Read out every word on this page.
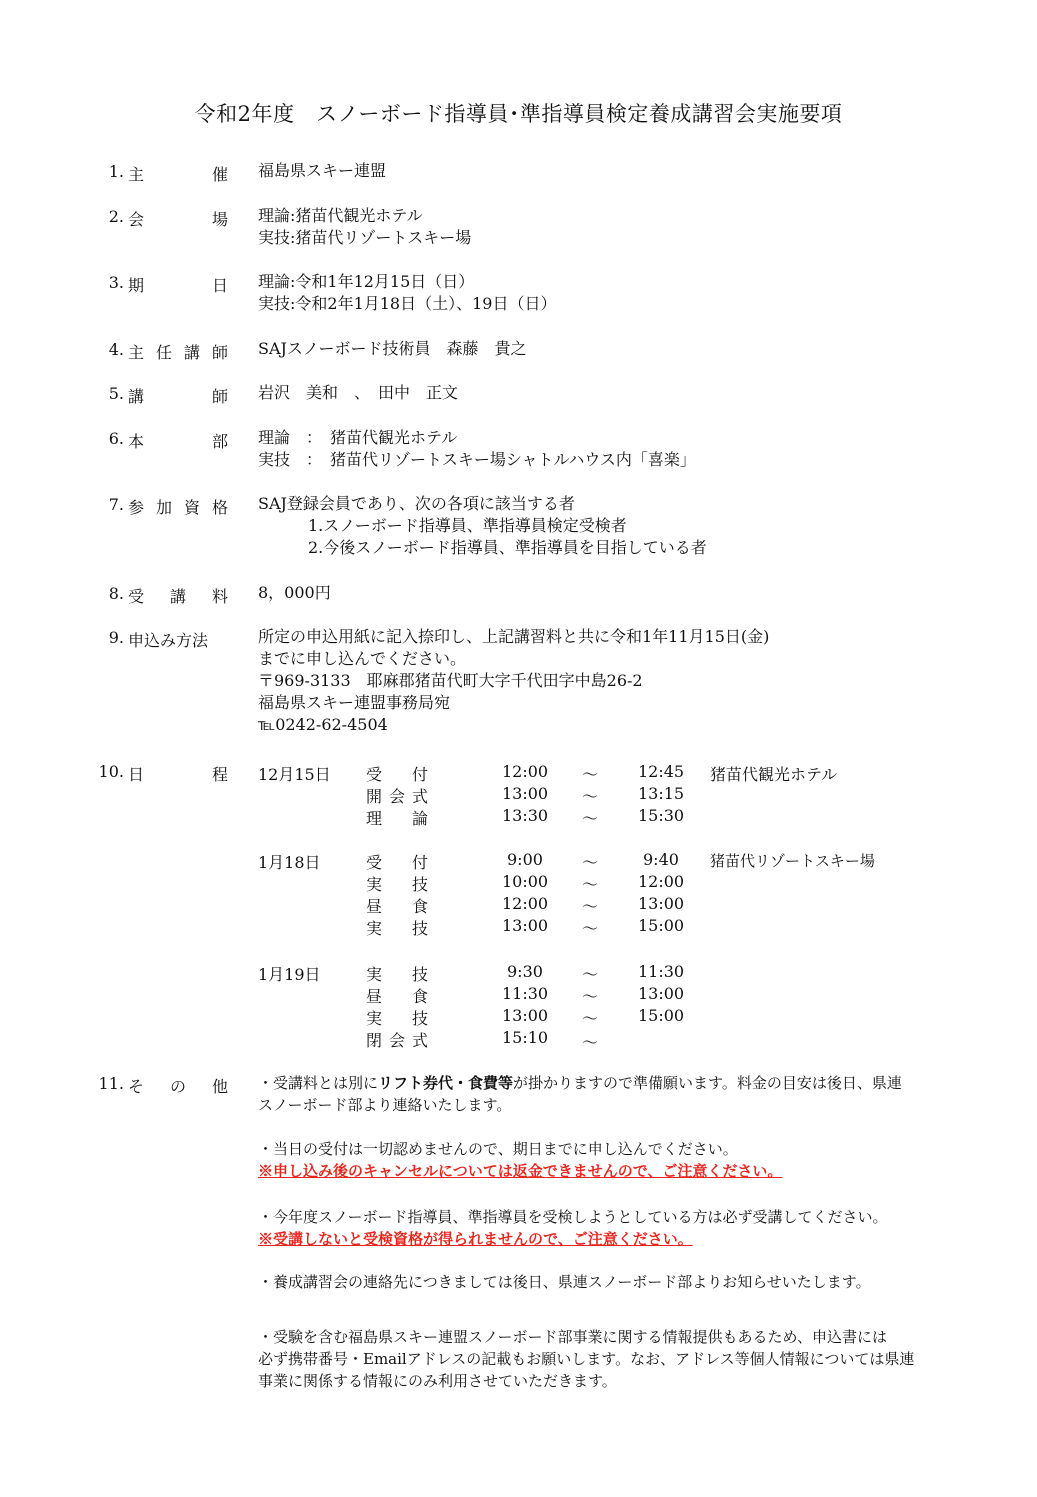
令和2年度　スノーボード指導員･準指導員検定養成講習会実施要項
1. 主	催 福島県スキー連盟
2. 会	場 理論:猪苗代観光ホテル
実技:猪苗代リゾートスキー場
3. 期	日 理論:令和1年12月15日（日）
実技:令和2年1月18日（土）、19日（日）
4. 主 任 講 師 SAJスノーボード技術員　森藤　貴之
5. 講	師 岩沢　美和　、　田中　正文
6. 本	部 理論　：　猪苗代観光ホテル
実技　：　猪苗代リゾートスキー場シャトルハウス内「喜楽」
7. 参 加 資 格 SAJ登録会員であり、次の各項に該当する者
1.スノーボード指導員、準指導員検定受検者
2.今後スノーボード指導員、準指導員を目指している者
8. 受 講 料 8，000円
9. 申込み方法	所定の申込用紙に記入捺印し、上記講習料と共に令和1年11月15日(金)
までに申し込んでください。
〒969-3133　耶麻郡猪苗代町大字千代田字中島26-2
福島県スキー連盟事務局宛
℡0242-62-4504
10. 日	程 12月15日 受 付	12:00 〜 12:45 猪苗代観光ホテル
開 会 式	13:00 〜 13:15
理 論	13:30 〜 15:30
1月18日	受 付	9:00 〜	9:40 猪苗代リゾートスキー場
実 技	10:00 〜 12:00
昼 食	12:00 〜 13:00
実 技	13:00 〜 15:00
1月19日	実 技	9:30 〜 11:30
昼 食	11:30 〜 13:00
実 技	13:00 〜 15:00
閉 会 式	15:10 〜
11. そ の 他 ・受講料とは別にリフト券代・食費等が掛かりますので準備願います。料金の目安は後日、県連
スノーボード部より連絡いたします。
・当日の受付は一切認めませんので、期日までに申し込んでください。
※申し込み後のキャンセルについては返金できませんので、ご注意ください。
・今年度スノーボード指導員、準指導員を受検しようとしている方は必ず受講してください。
※受講しないと受検資格が得られませんので、ご注意ください。
・養成講習会の連絡先につきましては後日、県連スノーボード部よりお知らせいたします。
・受験を含む福島県スキー連盟スノーボード部事業に関する情報提供もあるため、申込書には
必ず携帯番号・Emailアドレスの記載もお願いします。なお、アドレス等個人情報については県連
事業に関係する情報にのみ利用させていただきます。
